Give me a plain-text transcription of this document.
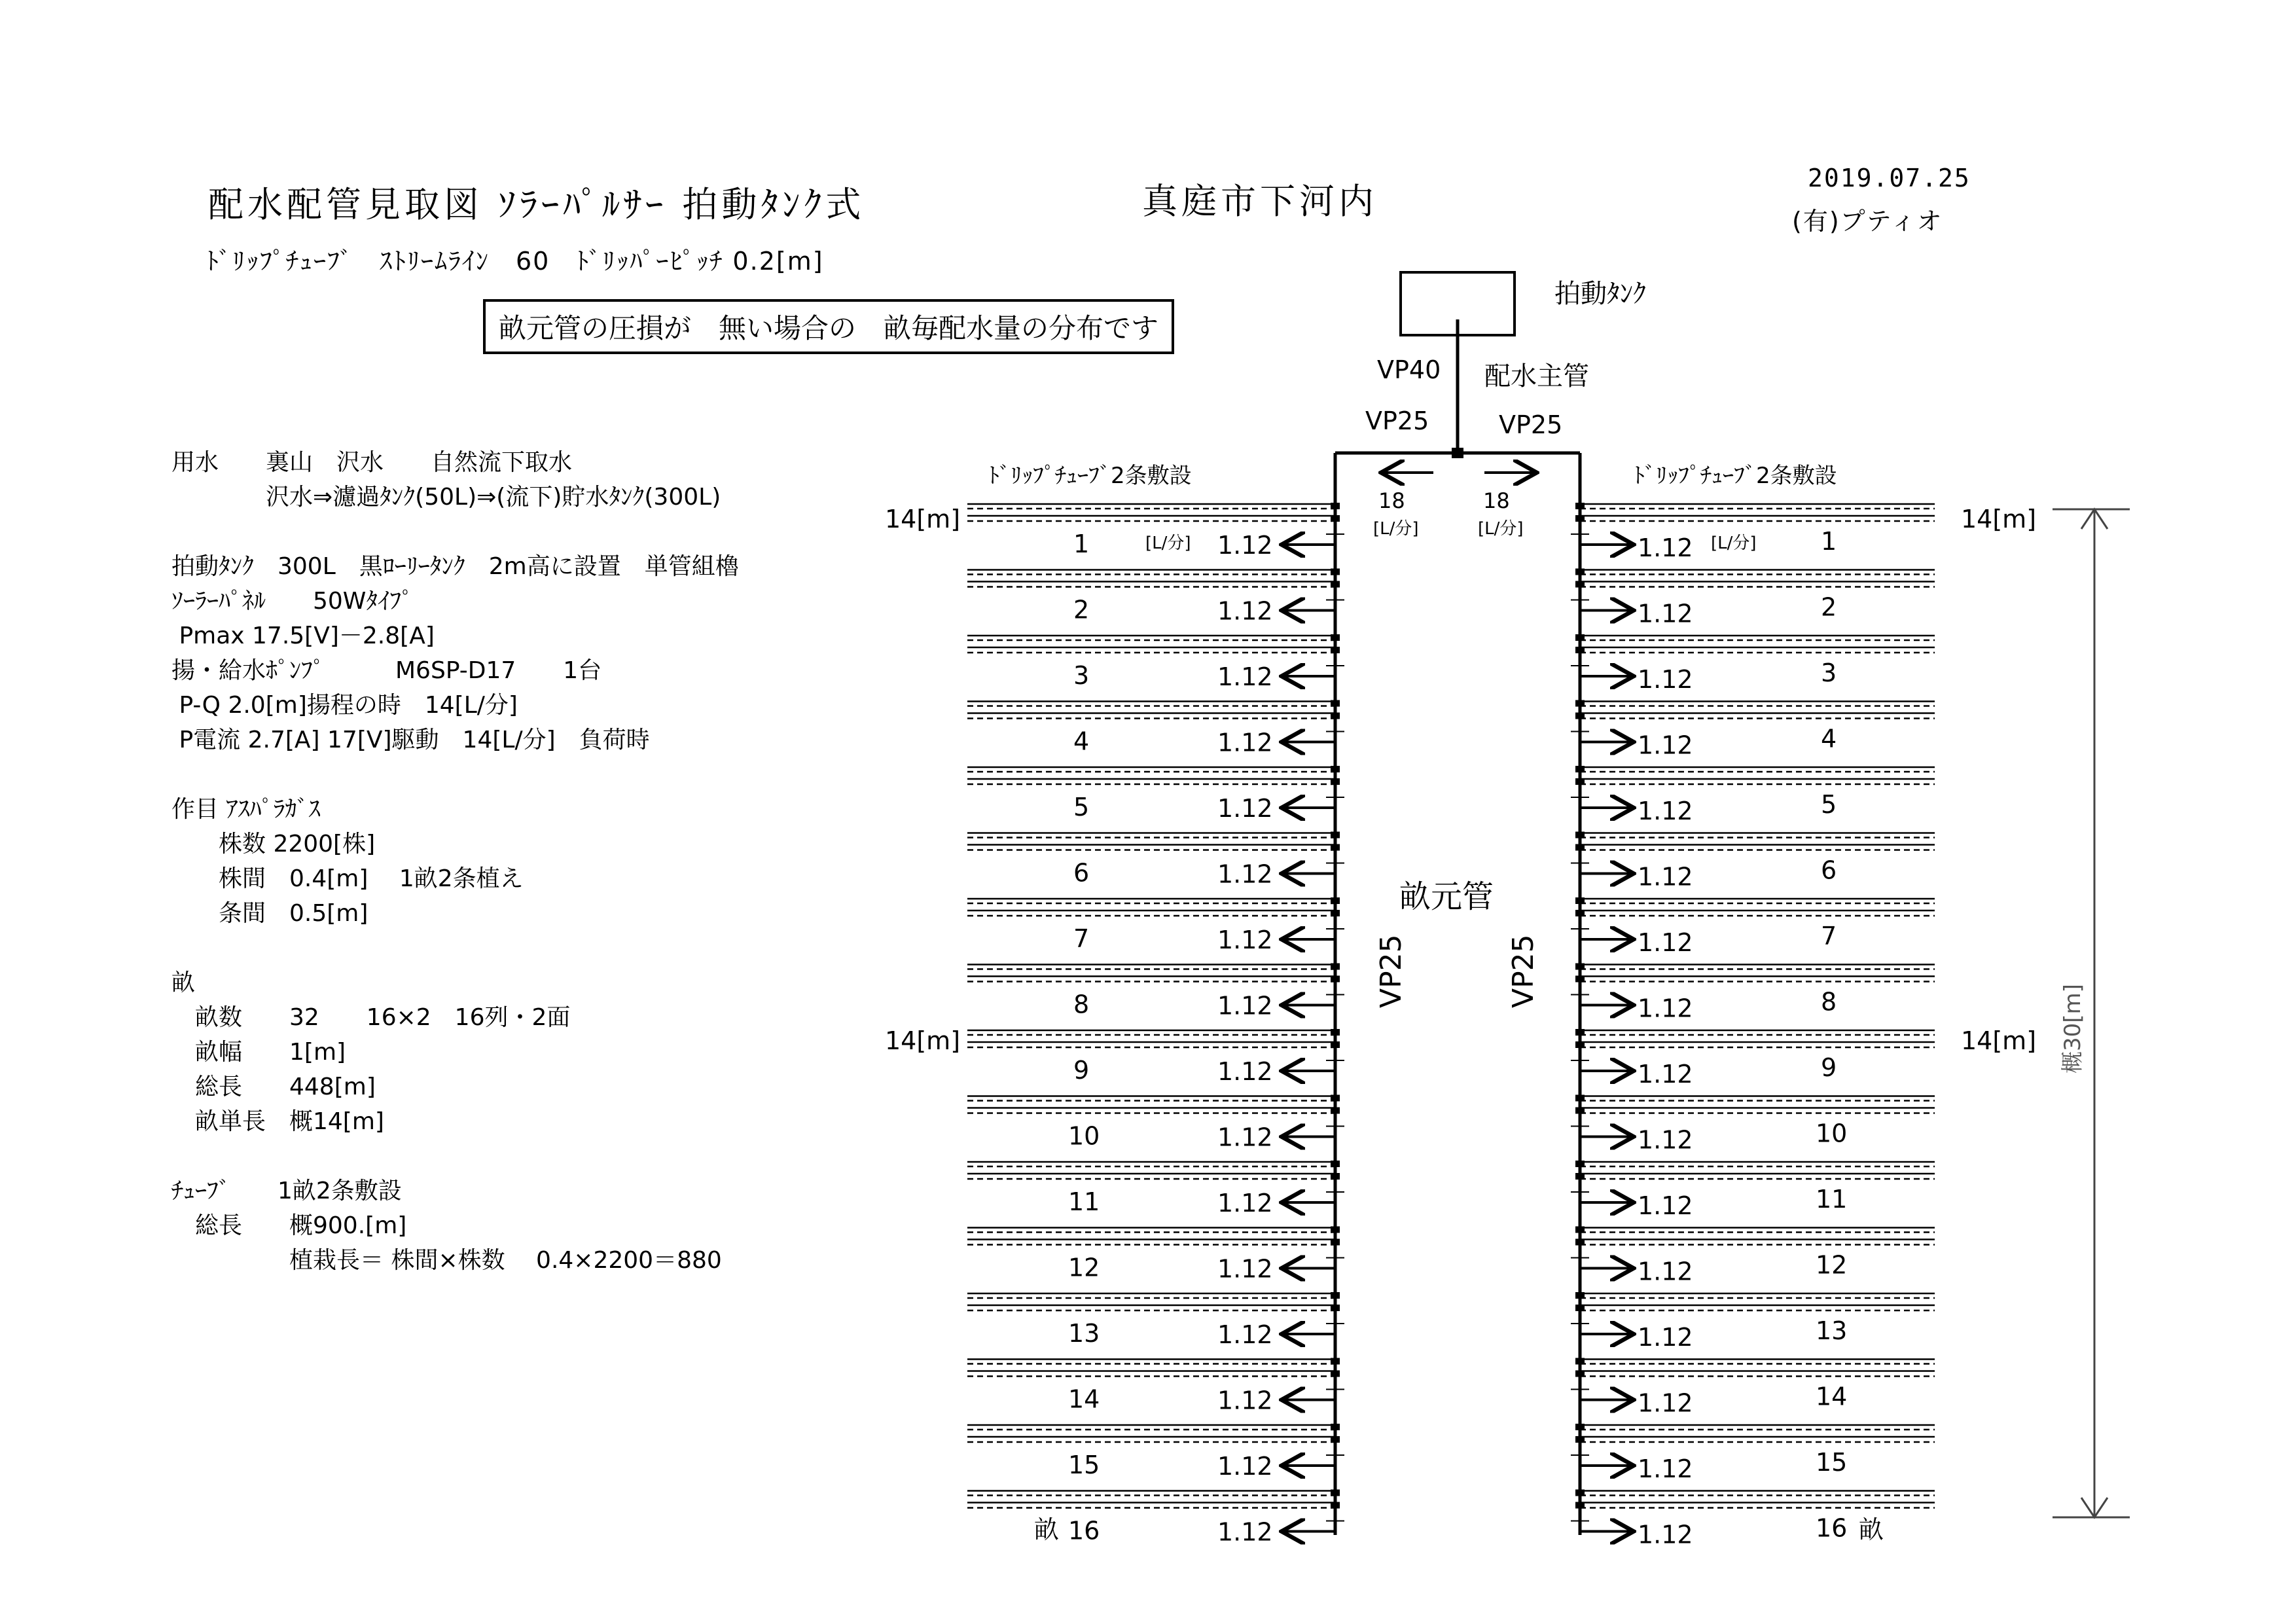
配水配管見取図 ｿﾗｰﾊﾟﾙｻｰ 拍動ﾀﾝｸ式	真庭市下河内
2019.07.25
(有)プティオ
ﾄﾞﾘｯﾌﾟﾁｭｰﾌﾞ　ｽﾄﾘｰﾑﾗｲﾝ　60　ﾄﾞﾘｯﾊﾟｰﾋﾟｯﾁ 0.2[m]
畝元管の圧損が　無い場合の　畝毎配水量の分布です
用水　　裏山　沢水　　自然流下取水
　　　　沢水⇒濾過ﾀﾝｸ(50L)⇒(流下)貯水ﾀﾝｸ(300L)
拍動ﾀﾝｸ　300L　黒ﾛｰﾘｰﾀﾝｸ　2m高に設置　単管組櫓
ｿｰﾗｰﾊﾟﾈﾙ　　50Wﾀｲﾌﾟ
Pmax 17.5[V]－2.8[A]
揚・給水ﾎﾟﾝﾌﾟ　　　M6SP-D17　　1台
P-Q 2.0[m]揚程の時　14[L/分]
P電流 2.7[A] 17[V]駆動　14[L/分]　負荷時
作目 ｱｽﾊﾟﾗｶﾞｽ
　　株数 2200[株]
　　株間　0.4[m]　 1畝2条植え
　　条間　0.5[m]
畝
　畝数　　32　　16×2　16列・2面
　畝幅　　1[m]
　総長　　448[m]
　畝単長　概14[m]
ﾁｭｰﾌﾞ　　1畝2条敷設
　総長　　概900.[m]
　　　　　植栽長＝ 株間×株数　 0.4×2200＝880
拍動ﾀﾝｸ
配水主管
VP40
VP25	VP25
18	18
[L/分]	[L/分]
畝元管
VP25	VP25
ﾄﾞﾘｯﾌﾟﾁｭｰﾌﾞ2条敷設	ﾄﾞﾘｯﾌﾟﾁｭｰﾌﾞ2条敷設
14[m]
14[m]
14[m]
14[m] 概30[m]
[L/分]	[L/分]
畝	畝
1	1.12	1.12	1
2	1.12	1.12	2
3	1.12	1.12	3
4	1.12	1.12	4
5	1.12	1.12	5
6	1.12	1.12	6
7	1.12	1.12	7
8	1.12	1.12	8
9	1.12	1.12	9
10	1.12	1.12	10
11	1.12	1.12	11
12	1.12	1.12	12
13	1.12	1.12	13
14	1.12	1.12	14
15	1.12	1.12	15
16	1.12	1.12	16
